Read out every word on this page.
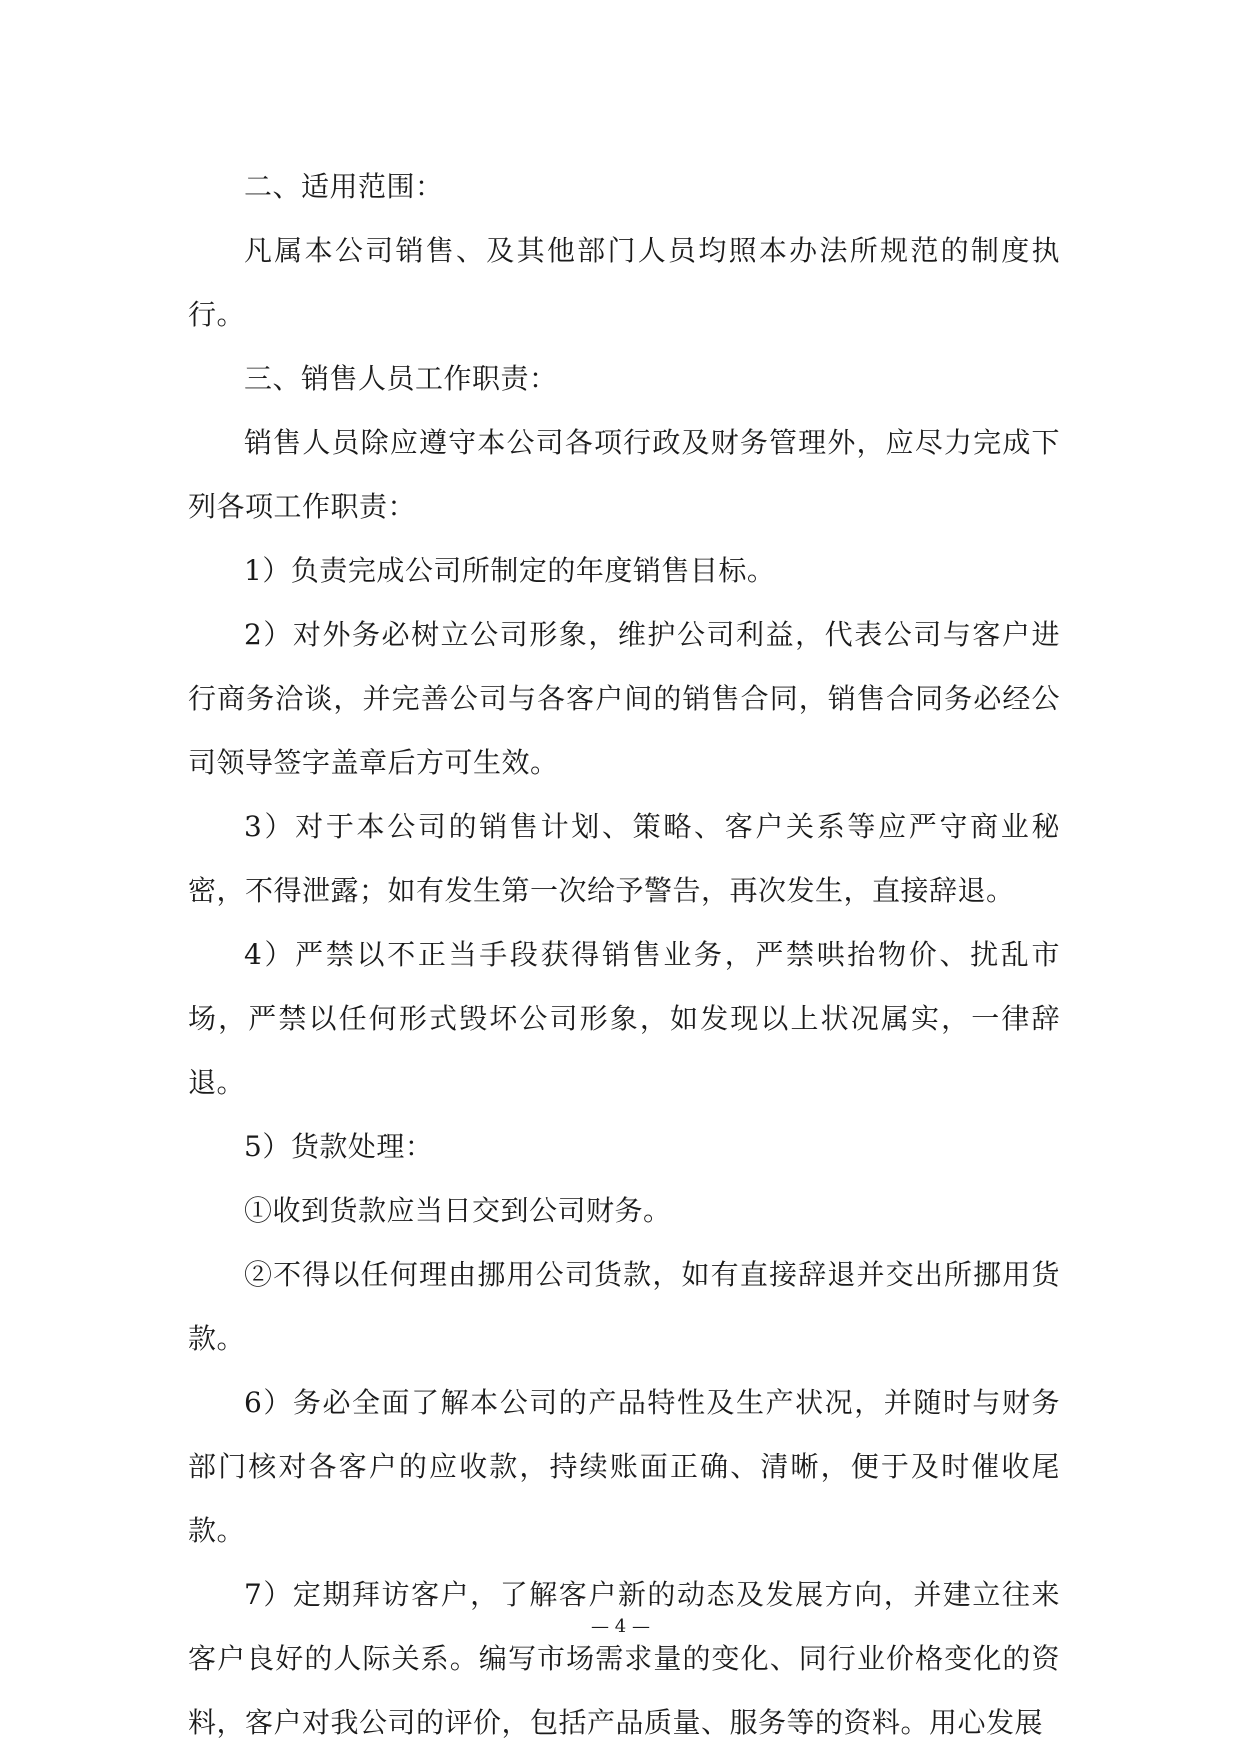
二、适用范围：

凡属本公司销售、及其他部门人员均照本办法所规范的制度执行。

三、销售人员工作职责：

销售人员除应遵守本公司各项行政及财务管理外，应尽力完成下列各项工作职责：

1）负责完成公司所制定的年度销售目标。

2）对外务必树立公司形象，维护公司利益，代表公司与客户进行商务洽谈，并完善公司与各客户间的销售合同，销售合同务必经公司领导签字盖章后方可生效。

3）对于本公司的销售计划、策略、客户关系等应严守商业秘密，不得泄露；如有发生第一次给予警告，再次发生，直接辞退。

4）严禁以不正当手段获得销售业务，严禁哄抬物价、扰乱市场，严禁以任何形式毁坏公司形象，如发现以上状况属实，一律辞退。

5）货款处理：

①收到货款应当日交到公司财务。

②不得以任何理由挪用公司货款，如有直接辞退并交出所挪用货款。

6）务必全面了解本公司的产品特性及生产状况，并随时与财务部门核对各客户的应收款，持续账面正确、清晰，便于及时催收尾款。

7）定期拜访客户，了解客户新的动态及发展方向，并建立往来客户良好的人际关系。编写市场需求量的变化、同行业价格变化的资料，客户对我公司的评价，包括产品质量、服务等的资料。用心发展

— 4 —
